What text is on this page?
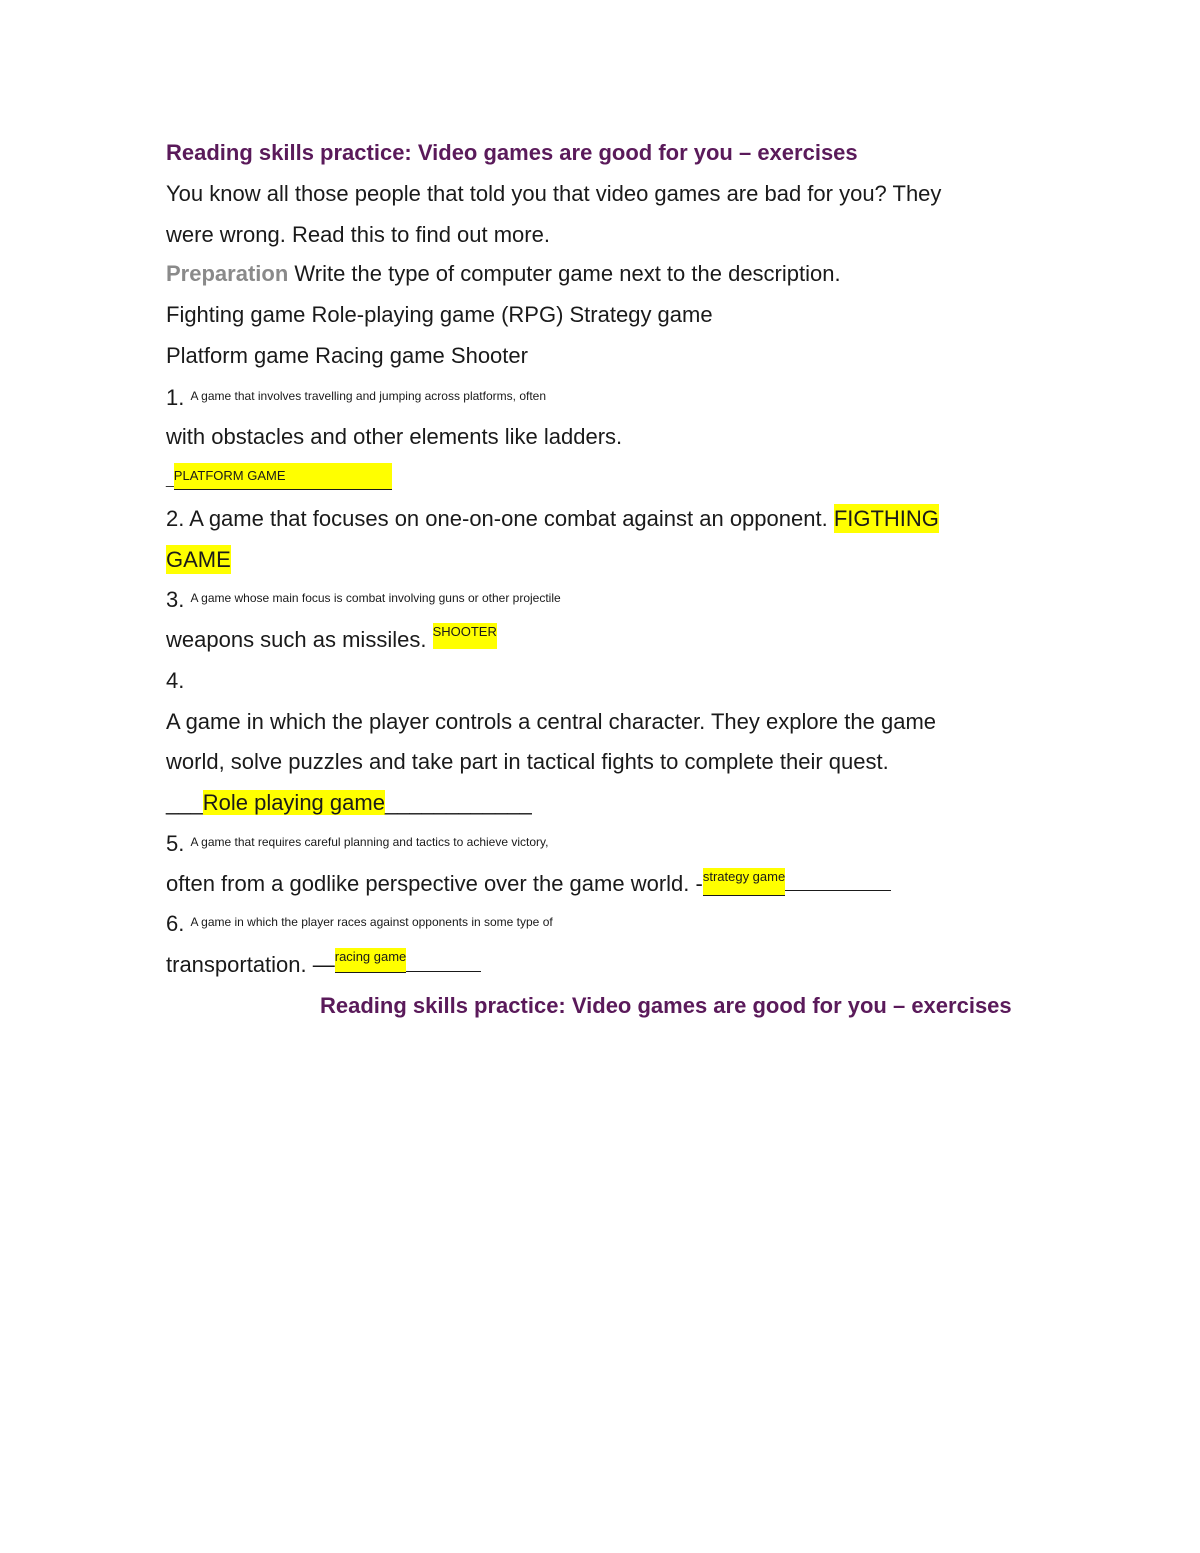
Reading skills practice: Video games are good for you – exercises
You know all those people that told you that video games are bad for you? They
were wrong. Read this to find out more.
Preparation Write the type of computer game next to the description.
Fighting game Role-playing game (RPG) Strategy game
Platform game Racing game Shooter
1. $^{A game that involves travelling and jumping across platforms, often}$
with obstacles and other elements like ladders.
_PLATFORM GAME
2. A game that focuses on one-on-one combat against an opponent. FIGTHING
GAME
3. $^{A game whose main focus is combat involving guns or other projectile}$
weapons such as missiles. SHOOTER
4.
A game in which the player controls a central character. They explore the game
world, solve puzzles and take part in tactical fights to complete their quest.
___Role playing game____________
5. $^{A game that requires careful planning and tactics to achieve victory,}$
often from a godlike perspective over the game world. -strategy game
6. $^{A game in which the player races against opponents in some type of}$
transportation. —racing game
Reading skills practice: Video games are good for you – exercises
